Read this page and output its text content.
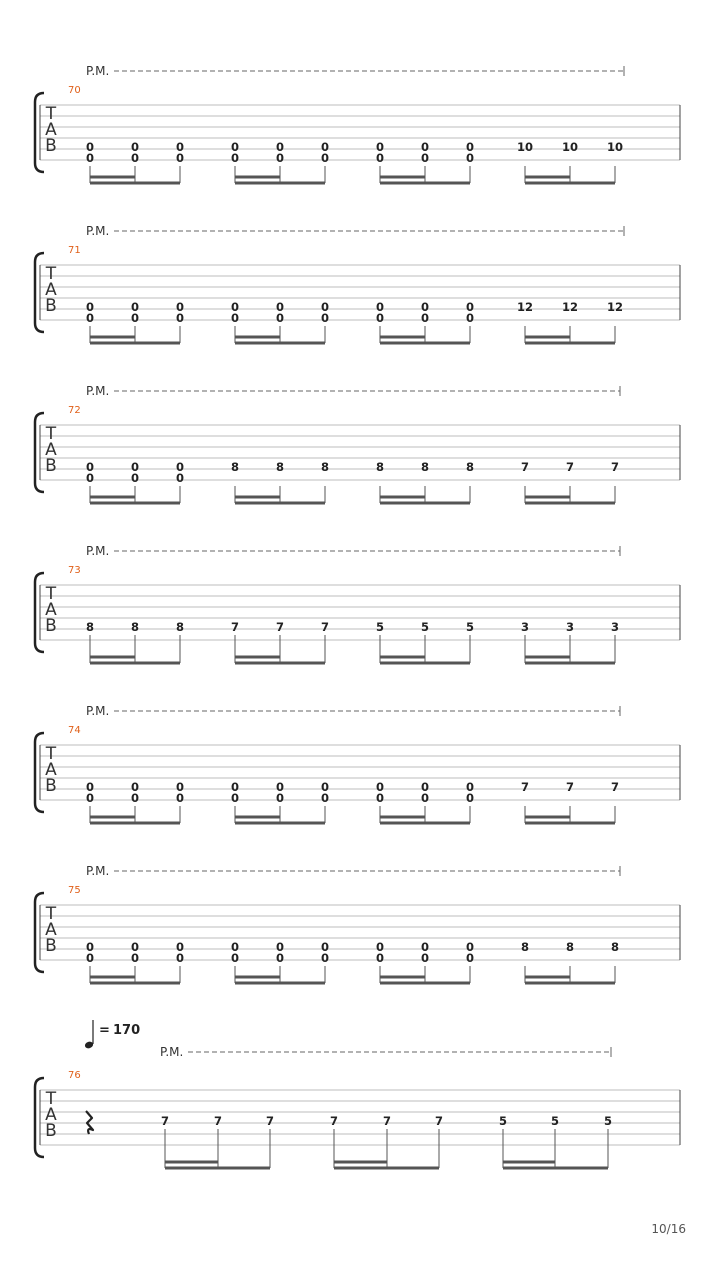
P.M.
70
T
A
B	0	0	0	0	0	0	0	0	0	10	10	10
0	0	0	0	0	0	0	0	0
P.M.
71
T
A
B	0	0	0	0	0	0	0	0	0	12	12	12
0	0	0	0	0	0	0	0	0
P.M.
72
T
A
B	0	0	0	8	8	8	8	8	8	7	7	7
0	0	0
P.M.
73
T
A
B	8	8	8	7	7	7	5	5	5	3	3	3
P.M.
74
T
A
B	0	0	0	0	0	0	0	0	0	7	7	7
0	0	0	0	0	0	0	0	0
P.M.
75
T
A
B	0	0	0	0	0	0	0	0	0	8	8	8
0	0	0	0	0	0	0	0	0
= 170
P.M.
76
T
A
B	7	7	7	7	7	7	5	5	5
10/16
